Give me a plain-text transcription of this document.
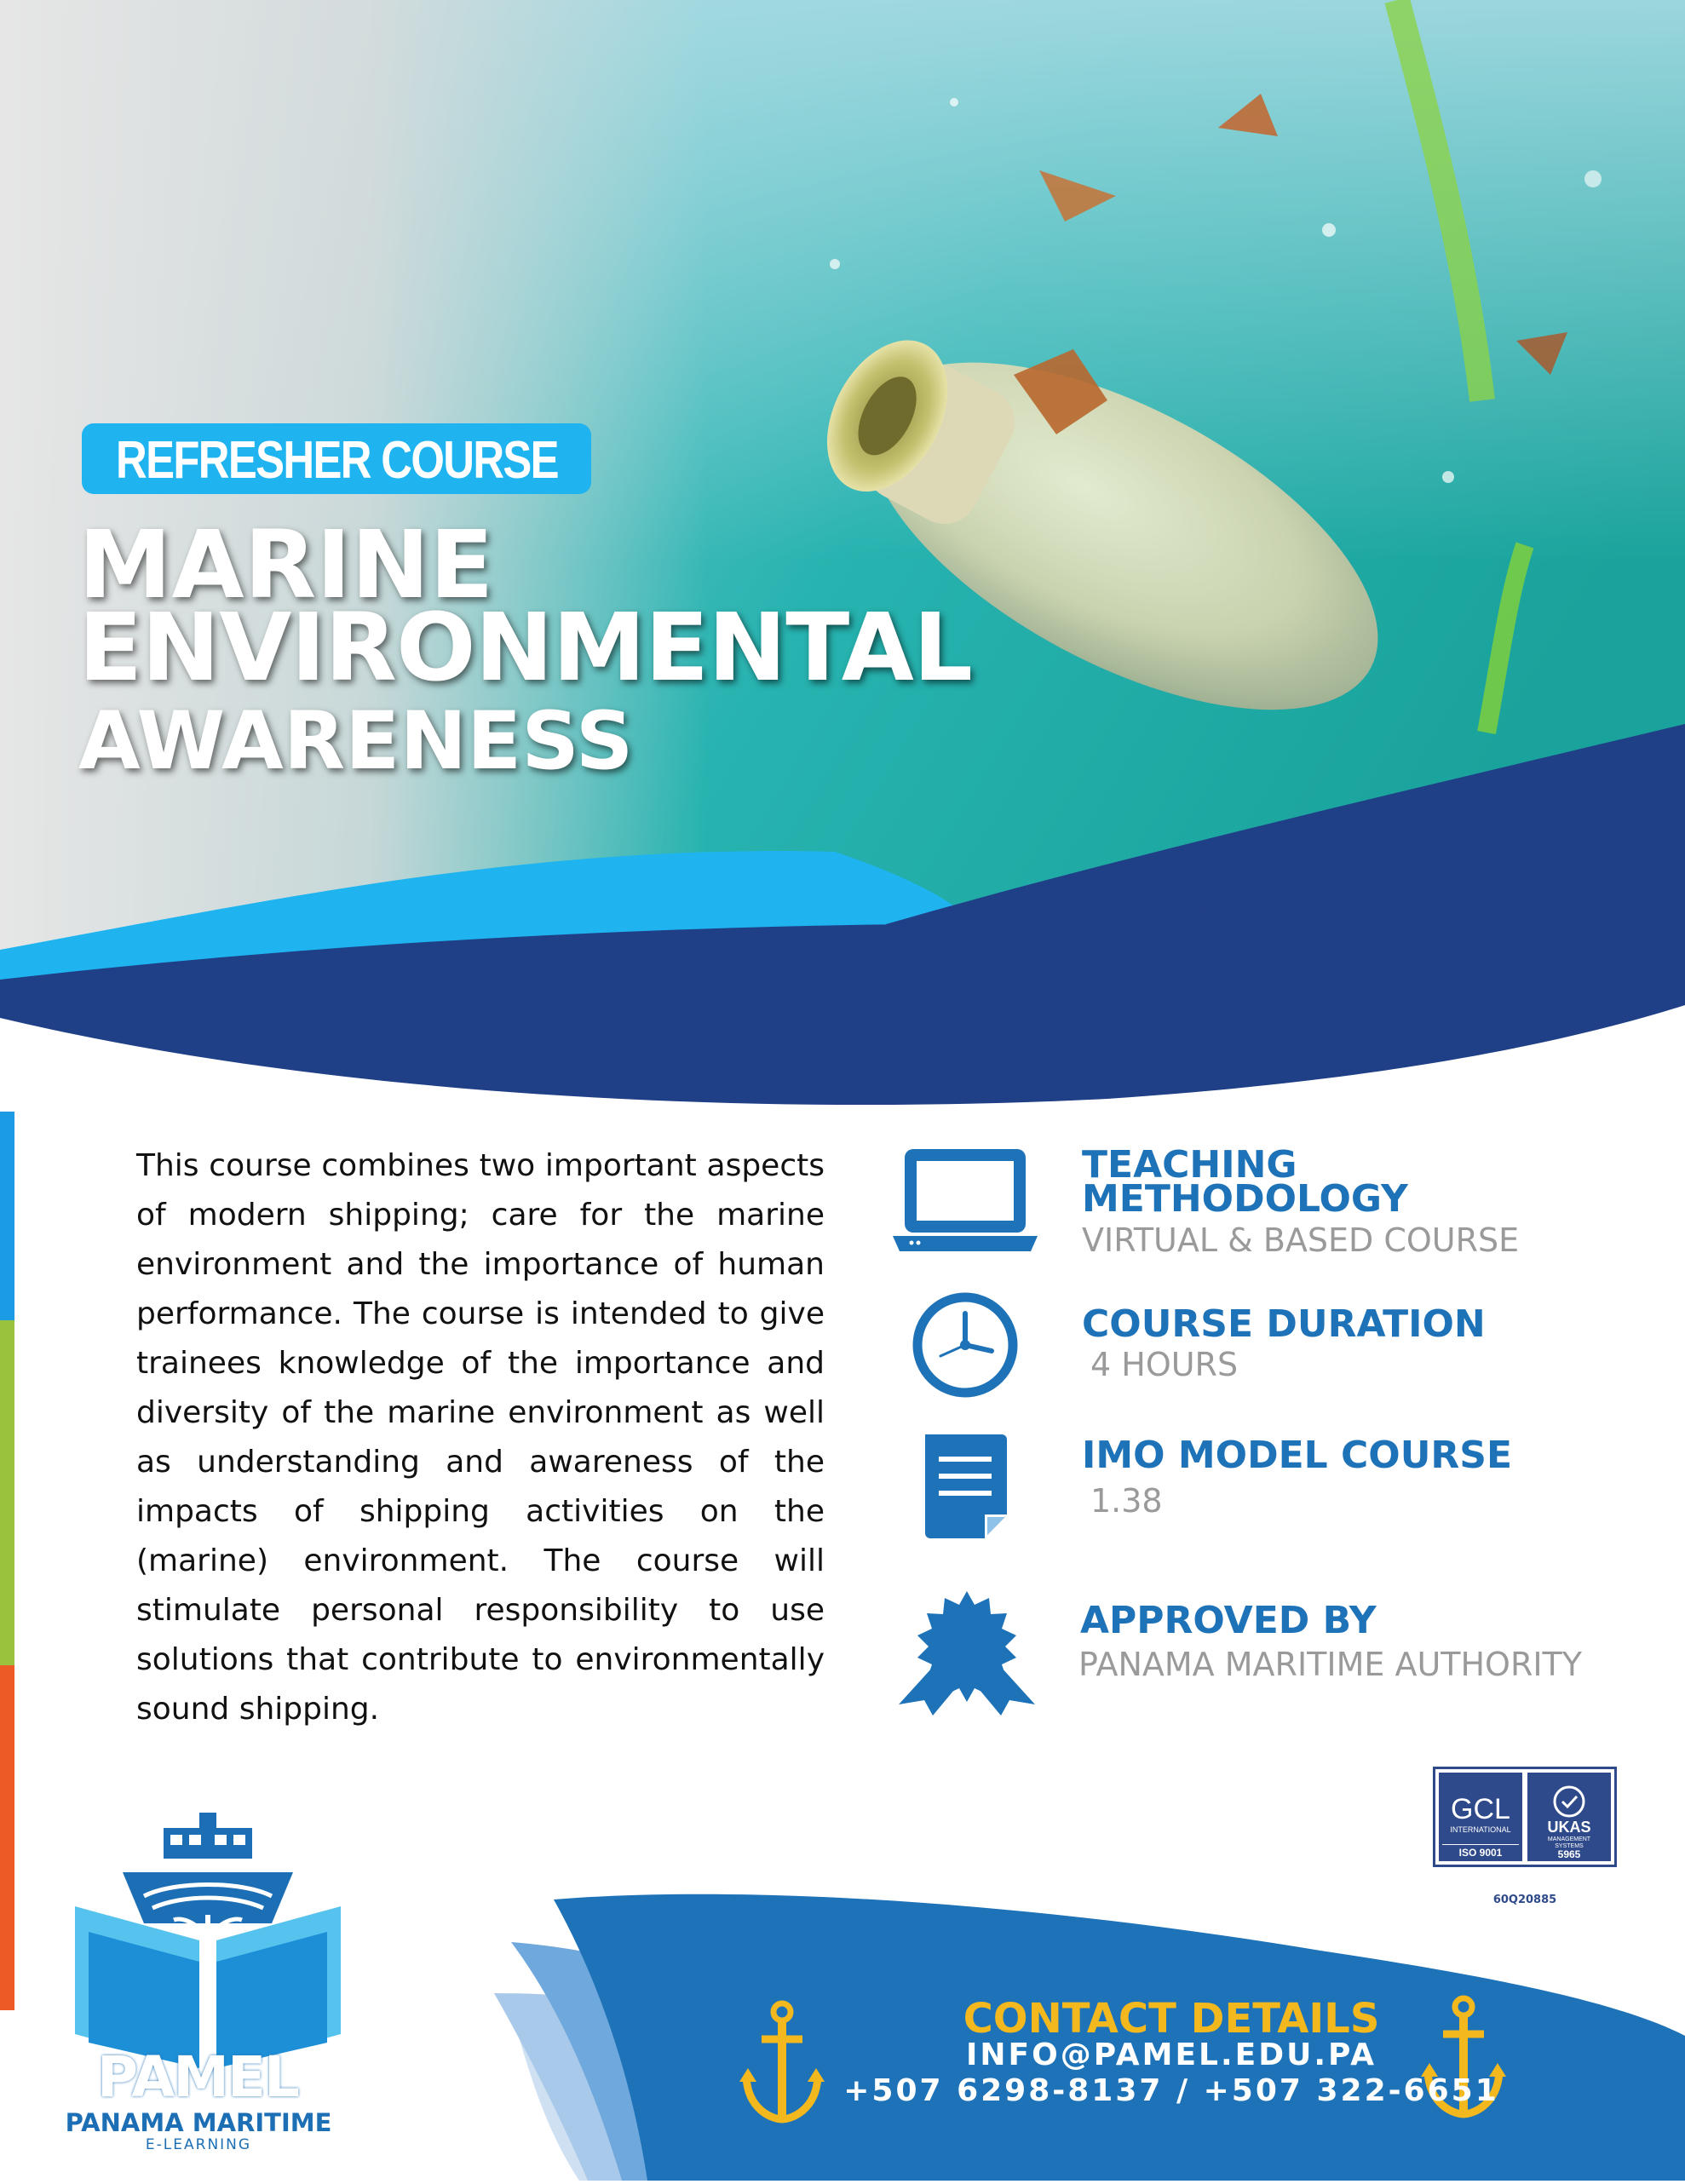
REFRESHER COURSE
MARINE
ENVIRONMENTAL
AWARENESS
This course combines two important aspects of modern shipping; care for the marine environment and the importance of human performance. The course is intended to give trainees knowledge of the importance and diversity of the marine environment as well as understanding and awareness of the impacts of shipping activities on the (marine) environment. The course will stimulate personal responsibility to use solutions that contribute to environmentally sound shipping.
TEACHING
METHODOLOGY
VIRTUAL & BASED COURSE
COURSE DURATION
4 HOURS
IMO MODEL COURSE
1.38
APPROVED BY
PANAMA MARITIME AUTHORITY
GCL
INTERNATIONAL
ISO 9001
UKAS
MANAGEMENT
SYSTEMS
5965
60Q20885
CONTACT DETAILS
INFO@PAMEL.EDU.PA
+507 6298-8137 / +507 322-6651
PAMEL
PANAMA MARITIME
E-LEARNING
